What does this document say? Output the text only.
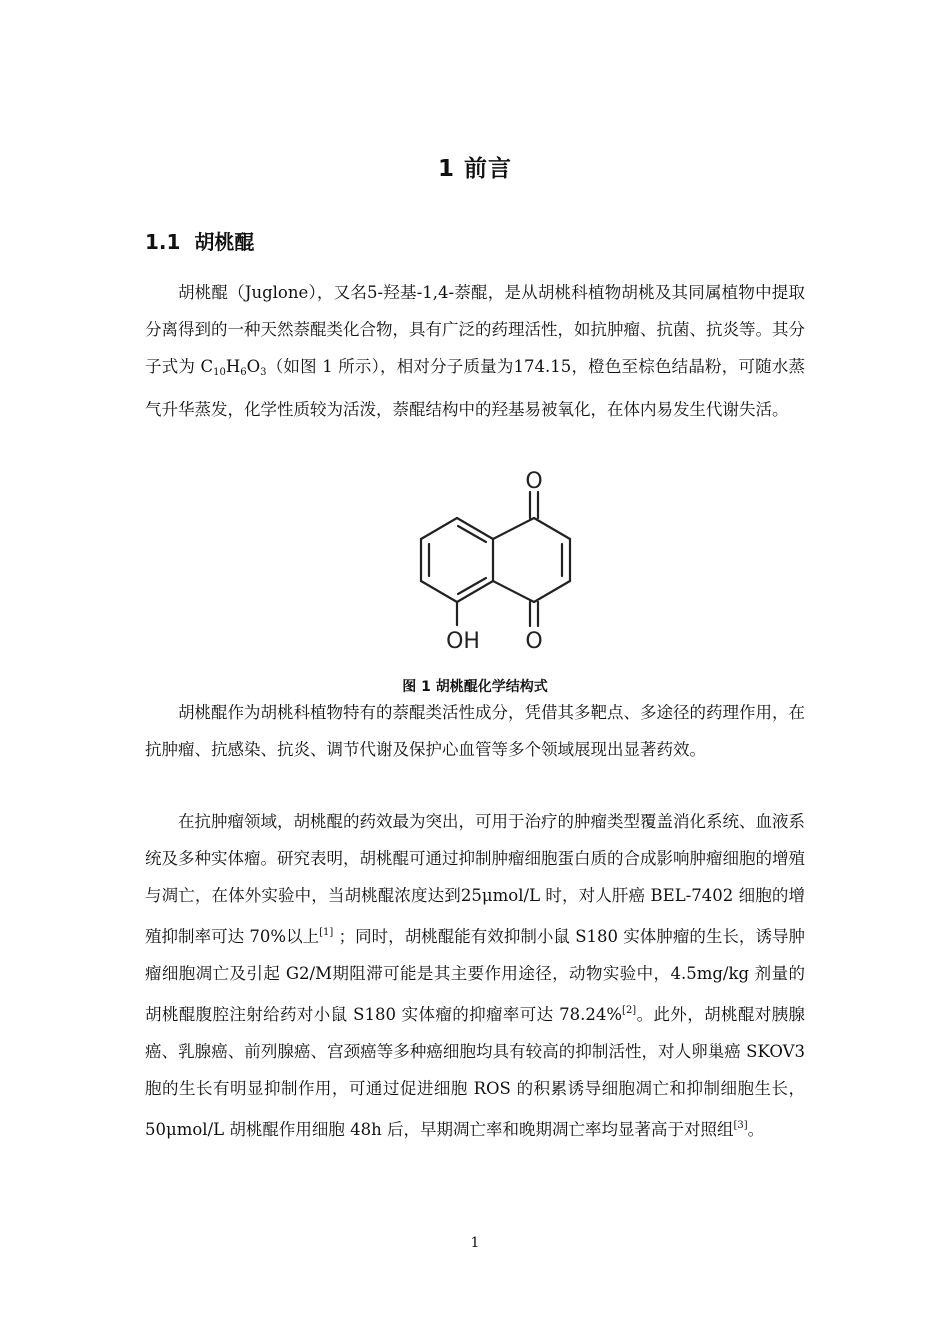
1 前言
1.1 胡桃醌

胡桃醌（Juglone），又名5-羟基-1,4-萘醌，是从胡桃科植物胡桃及其同属植物中提取分离得到的一种天然萘醌类化合物，具有广泛的药理活性，如抗肿瘤、抗菌、抗炎等。其分子式为 $C_{10}H_6O_3$（如图 1 所示），相对分子质量为174.15，橙色至棕色结晶粉，可随水蒸气升华蒸发，化学性质较为活泼，萘醌结构中的羟基易被氧化，在体内易发生代谢失活。

O
O
OH
图 1 胡桃醌化学结构式

胡桃醌作为胡桃科植物特有的萘醌类活性成分，凭借其多靶点、多途径的药理作用，在抗肿瘤、抗感染、抗炎、调节代谢及保护心血管等多个领域展现出显著药效。

在抗肿瘤领域，胡桃醌的药效最为突出，可用于治疗的肿瘤类型覆盖消化系统、血液系统及多种实体瘤。研究表明，胡桃醌可通过抑制肿瘤细胞蛋白质的合成影响肿瘤细胞的增殖与凋亡，在体外实验中，当胡桃醌浓度达到25μmol/L 时，对人肝癌 BEL-7402 细胞的增殖抑制率可达 70%以上[1] ；同时，胡桃醌能有效抑制小鼠 S180 实体肿瘤的生长，诱导肿瘤细胞凋亡及引起 G2/M期阻滞可能是其主要作用途径，动物实验中，4.5mg/kg 剂量的胡桃醌腹腔注射给药对小鼠 S180 实体瘤的抑瘤率可达 78.24%[2]。此外，胡桃醌对胰腺癌、乳腺癌、前列腺癌、宫颈癌等多种癌细胞均具有较高的抑制活性，对人卵巢癌 SKOV3 胞的生长有明显抑制作用，可通过促进细胞 ROS 的积累诱导细胞凋亡和抑制细胞生长，50μmol/L 胡桃醌作用细胞 48h 后，早期凋亡率和晚期凋亡率均显著高于对照组[3]。

1
